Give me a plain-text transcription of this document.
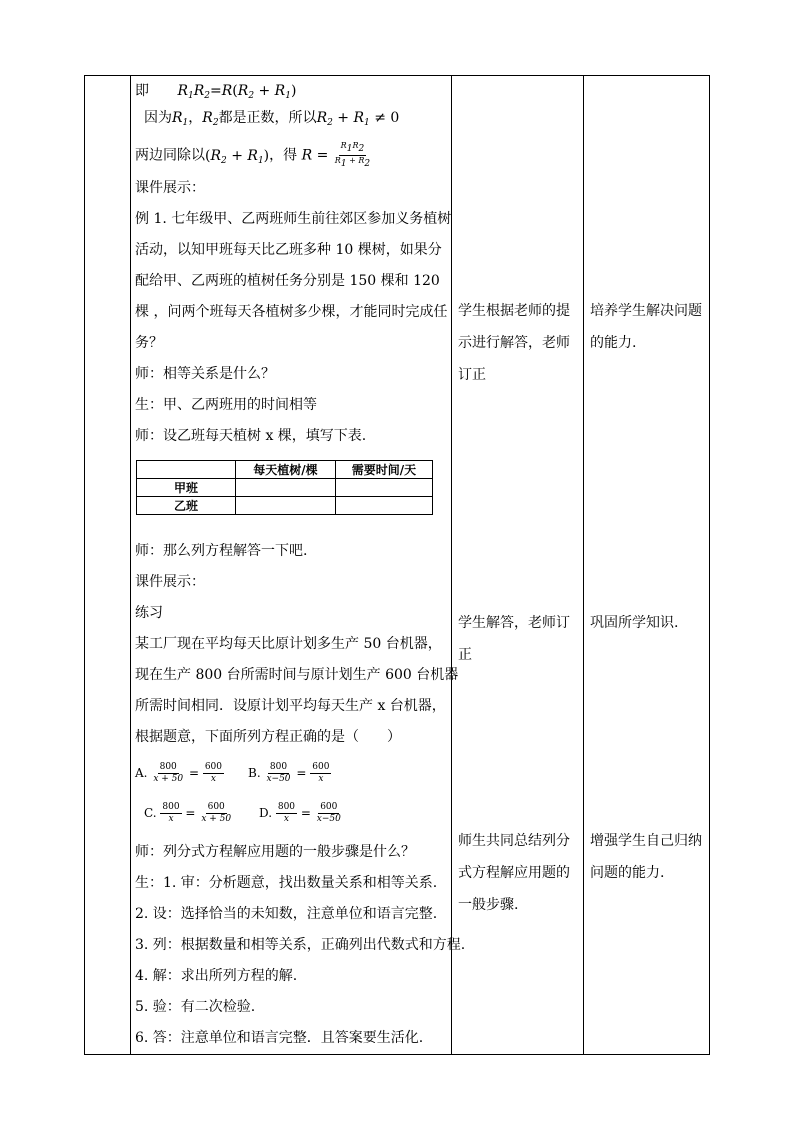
即 $R_1R_2=R(R_2 + R_1)$
因为$R_1$，$R_2$都是正数，所以$R_2 + R_1 \ne 0$
两边同除以$(R_2 + R_1)$，得 $R = \frac{R_1R_2}{R_1 + R_2}$
课件展示：
例 1. 七年级甲、乙两班师生前往郊区参加义务植树
活动，以知甲班每天比乙班多种 10 棵树，如果分
配给甲、乙两班的植树任务分别是 150 棵和 120
棵 ，问两个班每天各植树多少棵，才能同时完成任
务？
师：相等关系是什么？
生：甲、乙两班用的时间相等
师：设乙班每天植树 x 棵，填写下表.
	每天植树/棵	需要时间/天
甲班		
乙班		
师：那么列方程解答一下吧.
课件展示：
练习
某工厂现在平均每天比原计划多生产 50 台机器，
现在生产 800 台所需时间与原计划生产 600 台机器
所需时间相同．设原计划平均每天生产 x 台机器，
根据题意，下面所列方程正确的是（　　）
A. $\frac{800}{x + 50} = \frac{600}{x} B$. $\frac{800}{x-50} = \frac{600}{x}$
C. $\frac{800}{x} = \frac{600}{x + 50} D$. $\frac{800}{x} = \frac{600}{x-50}$
师：列分式方程解应用题的一般步骤是什么？
生：1. 审：分析题意，找出数量关系和相等关系.
2. 设：选择恰当的未知数，注意单位和语言完整.
3. 列：根据数量和相等关系，正确列出代数式和方程.
4. 解：求出所列方程的解.
5. 验：有二次检验.
6. 答：注意单位和语言完整．且答案要生活化.
学生根据老师的提
示进行解答，老师
订正
学生解答，老师订
正
师生共同总结列分
式方程解应用题的
一般步骤.
培养学生解决问题
的能力.
巩固所学知识.
增强学生自己归纳
问题的能力.
